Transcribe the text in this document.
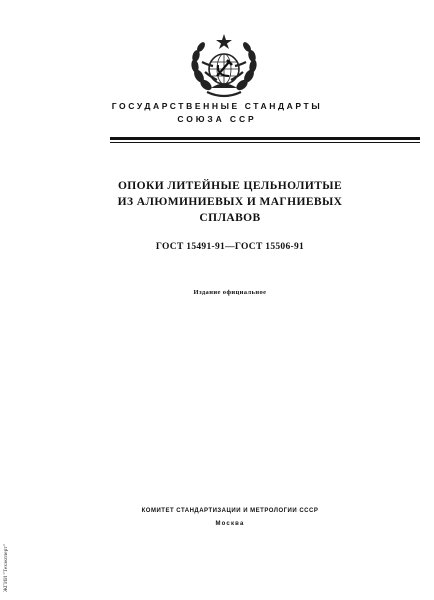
ГОСУДАРСТВЕННЫЕ СТАНДАРТЫ
СОЮЗА ССР
ОПОКИ ЛИТЕЙНЫЕ ЦЕЛЬНОЛИТЫЕ
ИЗ АЛЮМИНИЕВЫХ И МАГНИЕВЫХ
СПЛАВОВ
ГОСТ 15491-91—ГОСТ 15506-91
Издание официальное
КОМИТЕТ СТАНДАРТИЗАЦИИ И МЕТРОЛОГИИ СССР
Москва
ЖГИИ "Техэксперт"
